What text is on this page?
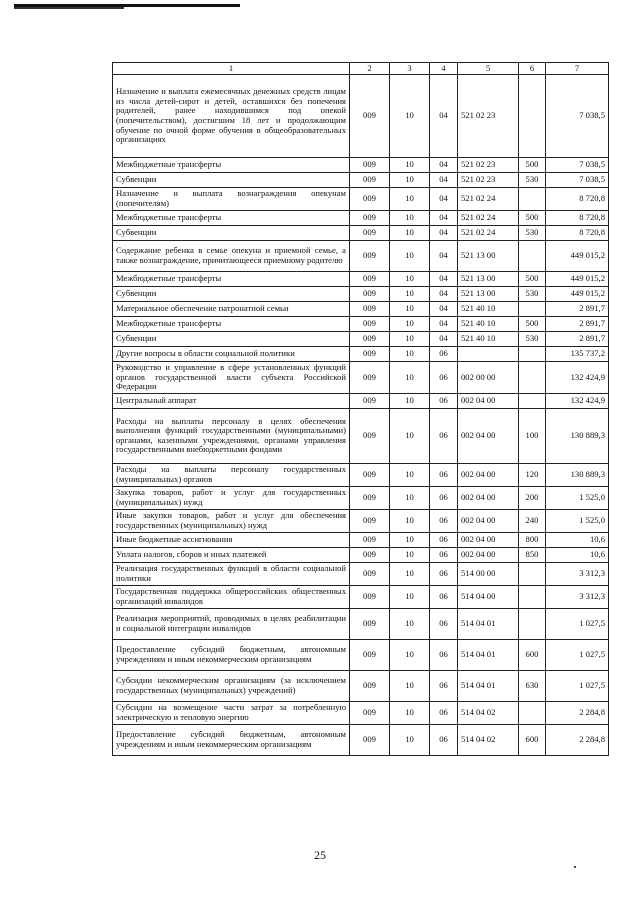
1	2	3	4	5	6	7
Назначение и выплата ежемесячных денежных средств лицам из числа детей-сирот и детей, оставшихся без попечения родителей, ранее находившимся под опекой (попечительством), достигшим 18 лет и продолжающим обучение по очной форме обучения в общеобразовательных организациях	009	10	04	521 02 23		7 038,5
Межбюджетные трансферты	009	10	04	521 02 23	500	7 038,5
Субвенции	009	10	04	521 02 23	530	7 038,5
Назначение и выплата вознаграждения опекунам (попечителям)	009	10	04	521 02 24		8 720,8
Межбюджетные трансферты	009	10	04	521 02 24	500	8 720,8
Субвенции	009	10	04	521 02 24	530	8 720,8
Содержание ребенка в семье опекуна и приемной семье, а также вознаграждение, причитающееся приемному родителю	009	10	04	521 13 00		449 015,2
Межбюджетные трансферты	009	10	04	521 13 00	500	449 015,2
Субвенции	009	10	04	521 13 00	530	449 015,2
Материальное обеспечение патронатной семьи	009	10	04	521 40 10		2 891,7
Межбюджетные трансферты	009	10	04	521 40 10	500	2 891,7
Субвенции	009	10	04	521 40 10	530	2 891,7
Другие вопросы в области социальной политики	009	10	06			135 737,2
Руководство и управление в сфере установленных функций органов государственной власти субъекта Российской Федерации	009	10	06	002 00 00		132 424,9
Центральный аппарат	009	10	06	002 04 00		132 424,9
Расходы на выплаты персоналу в целях обеспечения выполнения функций государственными (муниципальными) органами, казенными учреждениями, органами управления государственными внебюджетными фондами	009	10	06	002 04 00	100	130 889,3
Расходы на выплаты персоналу государственных (муниципальных) органов	009	10	06	002 04 00	120	130 889,3
Закупка товаров, работ и услуг для государственных (муниципальных) нужд	009	10	06	002 04 00	200	1 525,0
Иные закупки товаров, работ и услуг для обеспечения государственных (муниципальных) нужд	009	10	06	002 04 00	240	1 525,0
Иные бюджетные ассигнования	009	10	06	002 04 00	800	10,6
Уплата налогов, сборов и иных платежей	009	10	06	002 04 00	850	10,6
Реализация государственных функций в области социальной политики	009	10	06	514 00 00		3 312,3
Государственная поддержка общероссийских общественных организаций инвалидов	009	10	06	514 04 00		3 312,3
Реализация мероприятий, проводимых в целях реабилитации и социальной интеграции инвалидов	009	10	06	514 04 01		1 027,5
Предоставление субсидий бюджетным, автономным учреждениям и иным некоммерческим организациям	009	10	06	514 04 01	600	1 027,5
Субсидии некоммерческим организациям (за исключением государственных (муниципальных) учреждений)	009	10	06	514 04 01	630	1 027,5
Субсидии на возмещение части затрат за потребленную электрическую и тепловую энергию	009	10	06	514 04 02		2 284,8
Предоставление субсидий бюджетным, автономным учреждениям и иным некоммерческим организациям	009	10	06	514 04 02	600	2 284,8
25
